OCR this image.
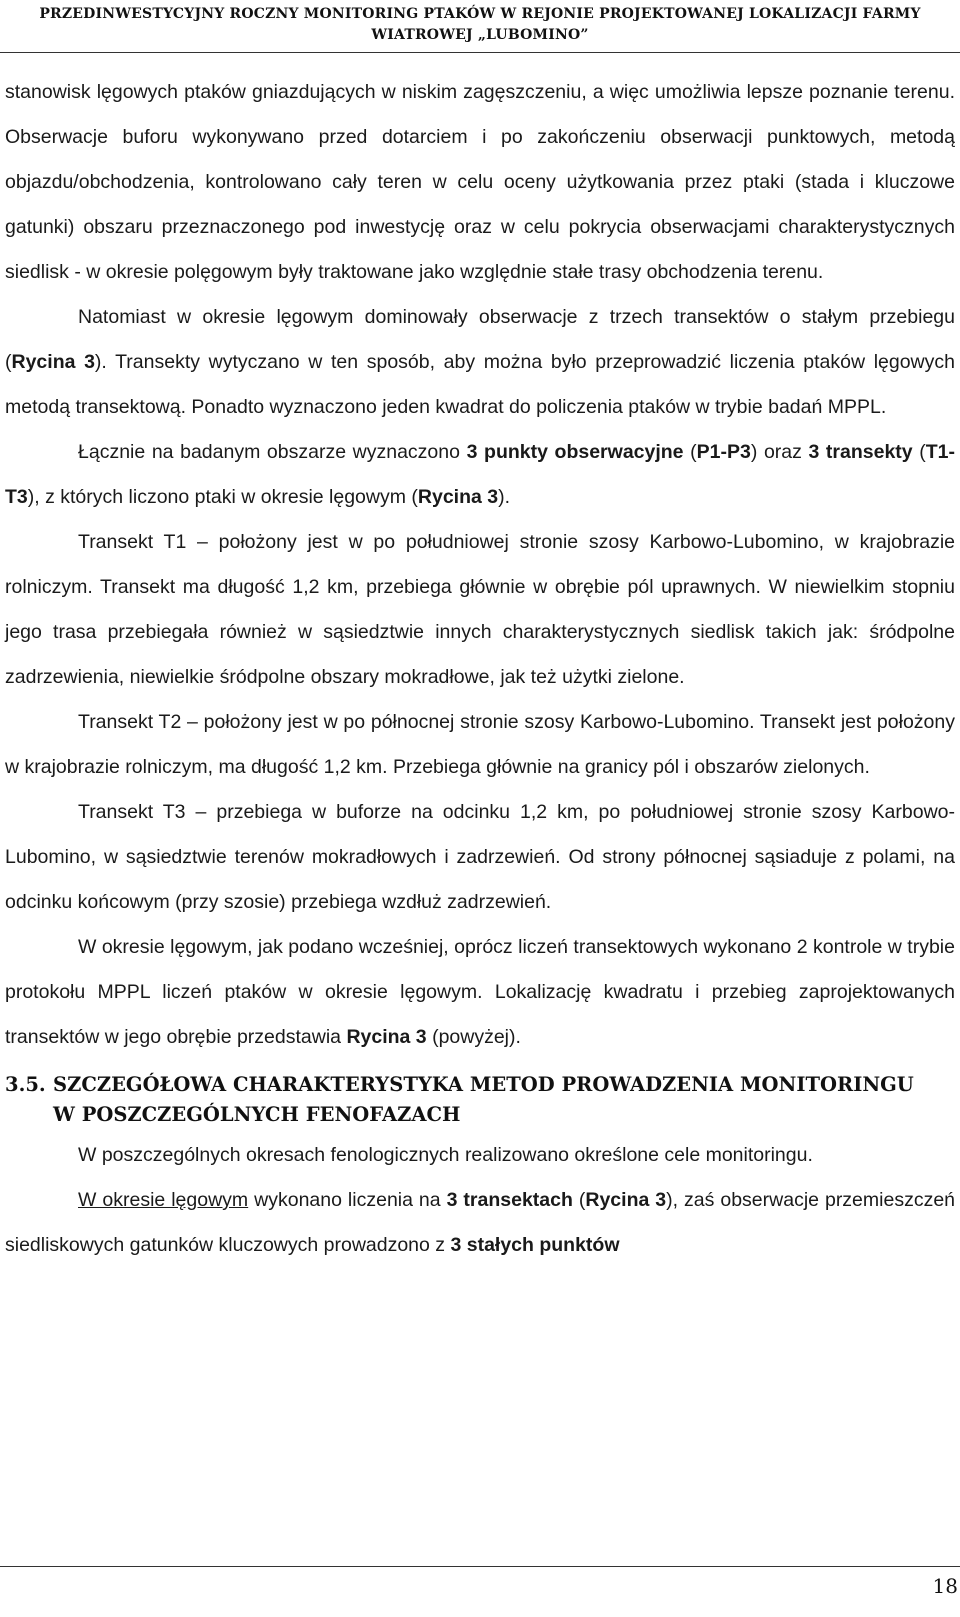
PRZEDINWESTYCYJNY ROCZNY MONITORING PTAKÓW W REJONIE PROJEKTOWANEJ LOKALIZACJI FARMY
WIATROWEJ „LUBOMINO”

stanowisk lęgowych ptaków gniazdujących w niskim zagęszczeniu, a więc umożliwia lepsze poznanie terenu. Obserwacje buforu wykonywano przed dotarciem i po zakończeniu obserwacji punktowych, metodą objazdu/obchodzenia, kontrolowano cały teren w celu oceny użytkowania przez ptaki (stada i kluczowe gatunki) obszaru przeznaczonego pod inwestycję oraz w celu pokrycia obserwacjami charakterystycznych siedlisk - w okresie polęgowym były traktowane jako względnie stałe trasy obchodzenia terenu.

Natomiast w okresie lęgowym dominowały obserwacje z trzech transektów o stałym przebiegu (Rycina 3). Transekty wytyczano w ten sposób, aby można było przeprowadzić liczenia ptaków lęgowych metodą transektową. Ponadto wyznaczono jeden kwadrat do policzenia ptaków w trybie badań MPPL.

Łącznie na badanym obszarze wyznaczono 3 punkty obserwacyjne (P1-P3) oraz 3 transekty (T1-T3), z których liczono ptaki w okresie lęgowym (Rycina 3).

Transekt T1 – położony jest w po południowej stronie szosy Karbowo-Lubomino, w krajobrazie rolniczym. Transekt ma długość 1,2 km, przebiega głównie w obrębie pól uprawnych. W niewielkim stopniu jego trasa przebiegała również w sąsiedztwie innych charakterystycznych siedlisk takich jak: śródpolne zadrzewienia, niewielkie śródpolne obszary mokradłowe, jak też użytki zielone.

Transekt T2 – położony jest w po północnej stronie szosy Karbowo-Lubomino. Transekt jest położony w krajobrazie rolniczym, ma długość 1,2 km. Przebiega głównie na granicy pól i obszarów zielonych.

Transekt T3 – przebiega w buforze na odcinku 1,2 km, po południowej stronie szosy Karbowo-Lubomino, w sąsiedztwie terenów mokradłowych i zadrzewień. Od strony północnej sąsiaduje z polami, na odcinku końcowym (przy szosie) przebiega wzdłuż zadrzewień.

W okresie lęgowym, jak podano wcześniej, oprócz liczeń transektowych wykonano 2 kontrole w trybie protokołu MPPL liczeń ptaków w okresie lęgowym. Lokalizację kwadratu i przebieg zaprojektowanych transektów w jego obrębie przedstawia Rycina 3 (powyżej).

3.5. SZCZEGÓŁOWA CHARAKTERYSTYKA METOD PROWADZENIA MONITORINGU
W POSZCZEGÓLNYCH FENOFAZACH

W poszczególnych okresach fenologicznych realizowano określone cele monitoringu.

W okresie lęgowym wykonano liczenia na 3 transektach (Rycina 3), zaś obserwacje przemieszczeń siedliskowych gatunków kluczowych prowadzono z 3 stałych punktów

18
